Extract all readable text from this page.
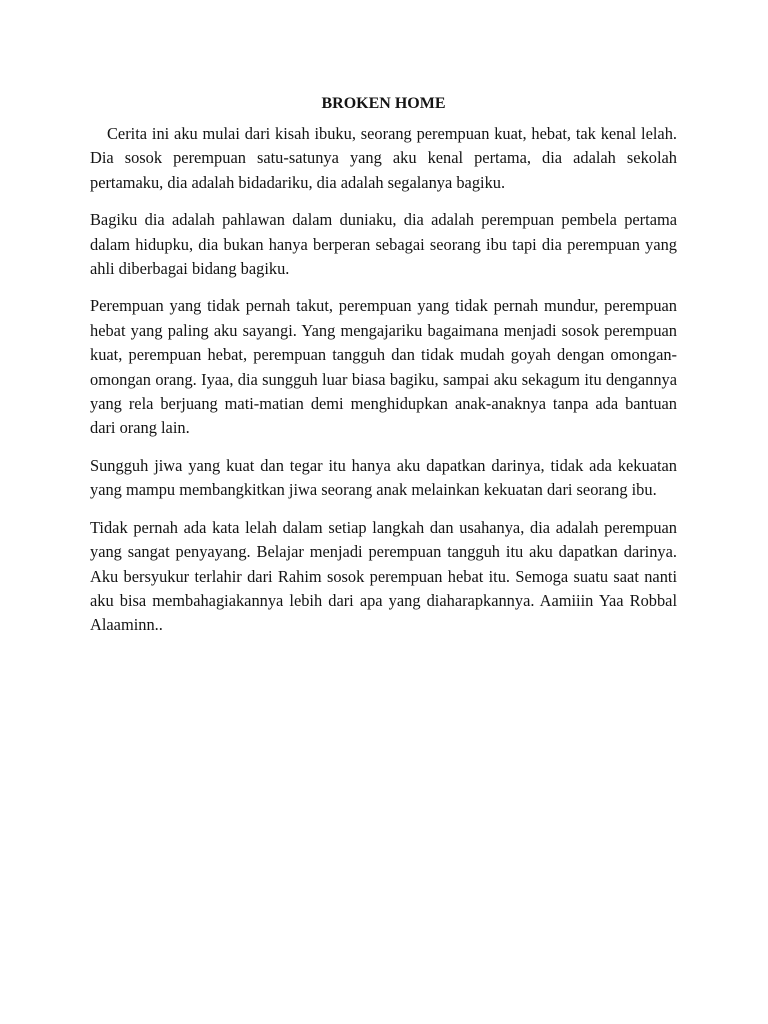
BROKEN HOME

Cerita ini aku mulai dari kisah ibuku, seorang perempuan kuat, hebat, tak kenal lelah. Dia sosok perempuan satu-satunya yang aku kenal pertama, dia adalah sekolah pertamaku, dia adalah bidadariku, dia adalah segalanya bagiku.

Bagiku dia adalah pahlawan dalam duniaku, dia adalah perempuan pembela pertama dalam hidupku, dia bukan hanya berperan sebagai seorang ibu tapi dia perempuan yang ahli diberbagai bidang bagiku.

Perempuan yang tidak pernah takut, perempuan yang tidak pernah mundur, perempuan hebat yang paling aku sayangi. Yang mengajariku bagaimana menjadi sosok perempuan kuat, perempuan hebat, perempuan tangguh dan tidak mudah goyah dengan omongan-omongan orang. Iyaa, dia sungguh luar biasa bagiku, sampai aku sekagum itu dengannya yang rela berjuang mati-matian demi menghidupkan anak-anaknya tanpa ada bantuan dari orang lain.

Sungguh jiwa yang kuat dan tegar itu hanya aku dapatkan darinya, tidak ada kekuatan yang mampu membangkitkan jiwa seorang anak melainkan kekuatan dari seorang ibu.

Tidak pernah ada kata lelah dalam setiap langkah dan usahanya, dia adalah perempuan yang sangat penyayang. Belajar menjadi perempuan tangguh itu aku dapatkan darinya. Aku bersyukur terlahir dari Rahim sosok perempuan hebat itu. Semoga suatu saat nanti aku bisa membahagiakannya lebih dari apa yang diaharapkannya. Aamiiin Yaa Robbal Alaaminn..
